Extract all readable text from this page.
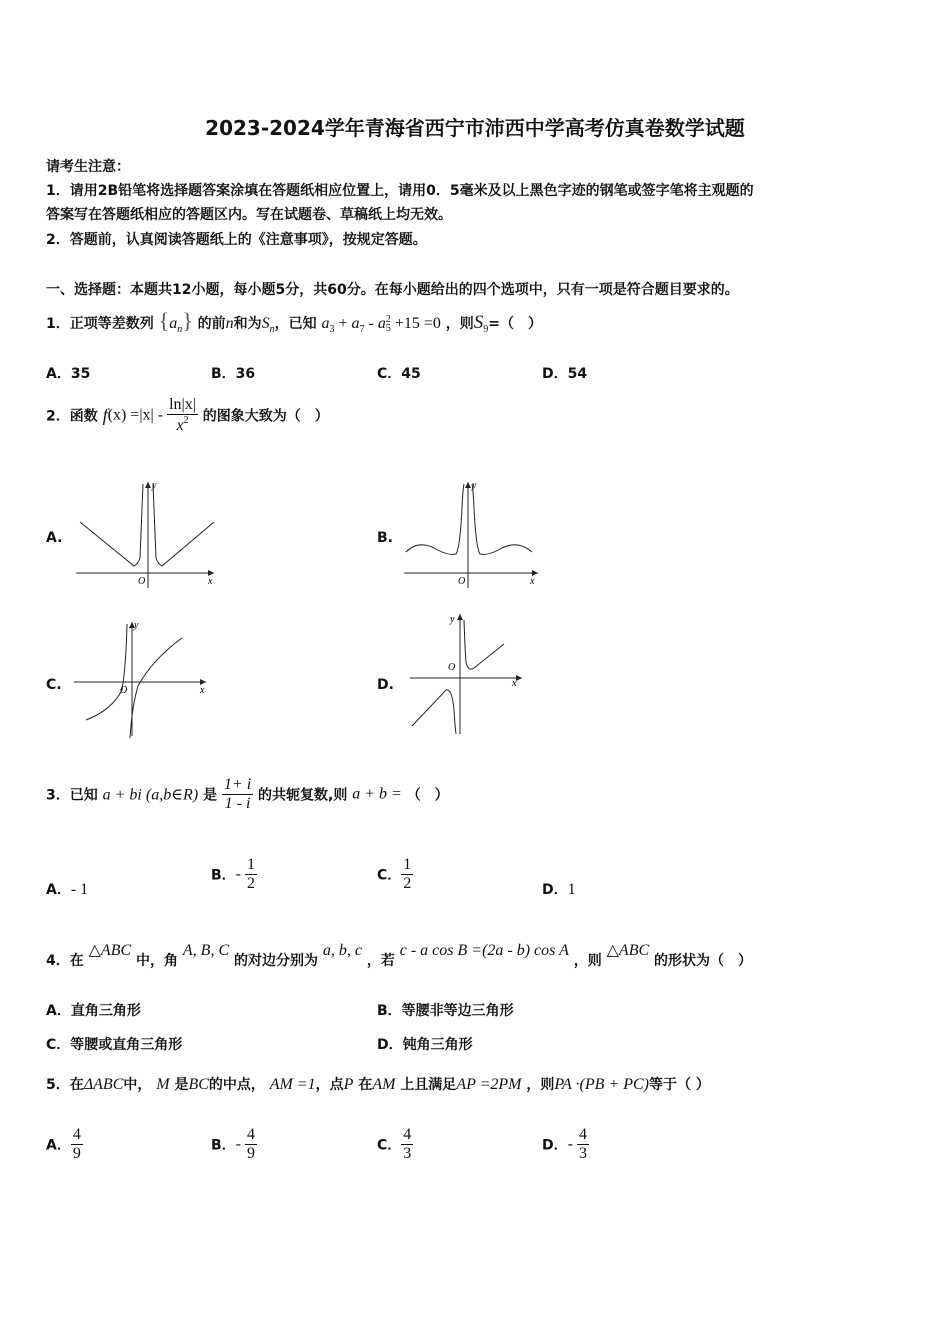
2023-2024学年青海省西宁市沛西中学高考仿真卷数学试题
请考生注意：
1．请用2B铅笔将选择题答案涂填在答题纸相应位置上，请用0．5毫米及以上黑色字迹的钢笔或签字笔将主观题的
答案写在答题纸相应的答题区内。写在试题卷、草稿纸上均无效。
2．答题前，认真阅读答题纸上的《注意事项》，按规定答题。
一、选择题：本题共12小题，每小题5分，共60分。在每小题给出的四个选项中，只有一项是符合题目要求的。
1．正项等差数列 $\{a_n\}$ 的前n和为$S_n$，已知 $a_3 + a_7 - a$ 2
5 +15 =0 ，则$S_9=$（　）
A．35	B．36	C．45	D．54
2．函数 $f(x) =|x| - \frac{\ln|x|}{x^2}$ 的图象大致为（　）
A.
y
x
O
B.
y
x
O
C.
y
x
O	D.
y
x
O
3．已知 a + bi (a,b∈R) 是 $\frac{1+ i}{1 - i}$ 的共轭复数,则 a + b = （　）
A．- 1
B．- $\frac{1}{2}$	C． $\frac{1}{2}$	D．1
4．在 △ABC 中，角 A, B, C 的对边分别为 a, b, c ，若 c - a cos B =(2a - b) cos A ，则 △ABC 的形状为（　）
A．直角三角形	B．等腰非等边三角形
C．等腰或直角三角形	D．钝角三角形
5．在ΔABC中， M 是BC的中点， AM =1，点P 在AM 上且满足AP =2PM ，则PA ·(PB + PC)等于（ ）
A． $\frac{4}{9}$	B．- $\frac{4}{9}$	C． $\frac{4}{3}$	D．- $\frac{4}{3}$
